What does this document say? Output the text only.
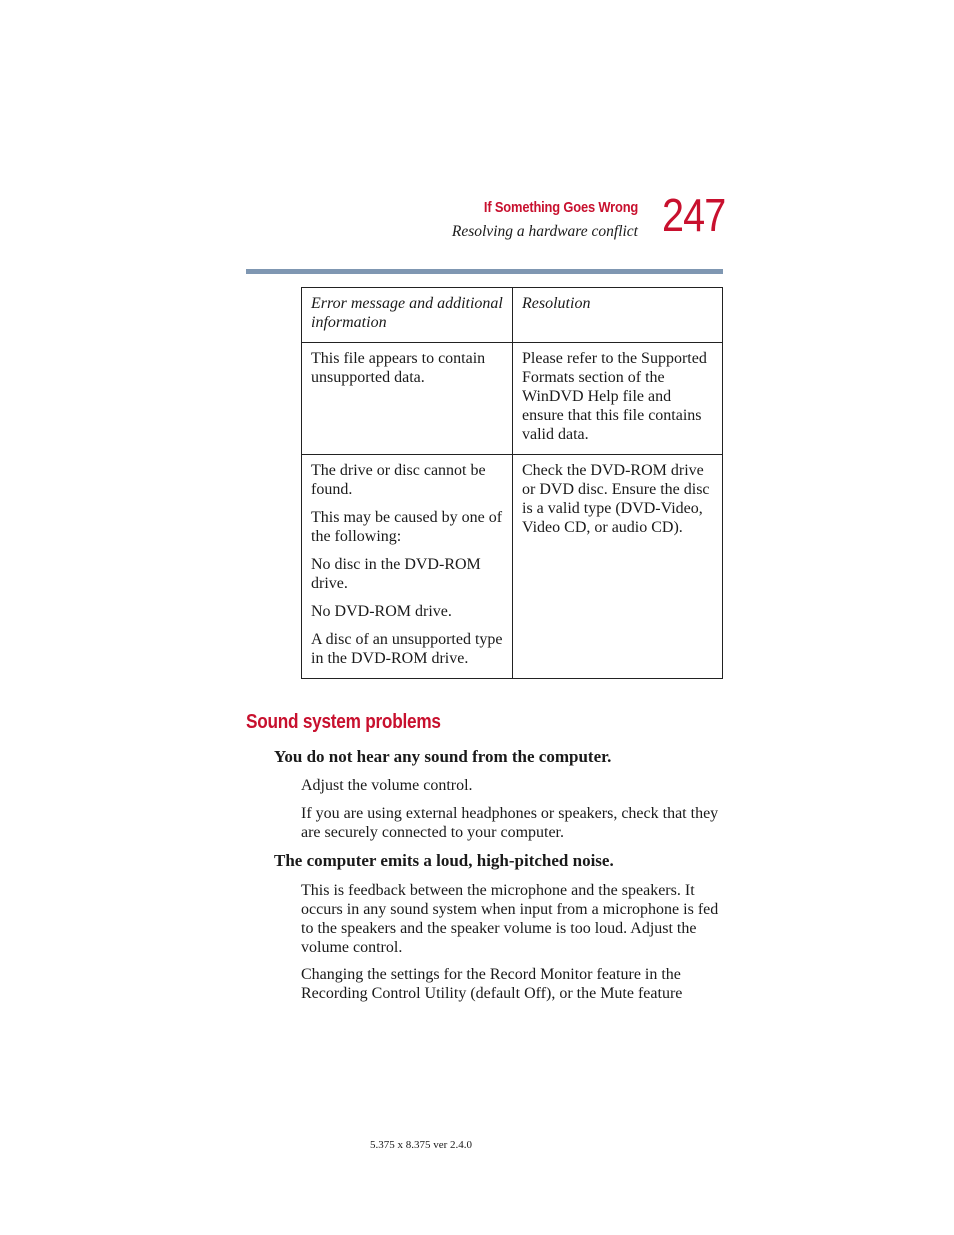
If Something Goes Wrong
Resolving a hardware conflict 247
Error message and additional information	Resolution

This file appears to contain unsupported data.	Please refer to the Supported Formats section of the WinDVD Help file and ensure that this file contains valid data.

The drive or disc cannot be found.

This may be caused by one of the following:

No disc in the DVD-ROM drive.

No DVD-ROM drive.

A disc of an unsupported type in the DVD-ROM drive.	Check the DVD-ROM drive or DVD disc. Ensure the disc is a valid type (DVD-Video, Video CD, or audio CD).

Sound system problems

You do not hear any sound from the computer.

Adjust the volume control.

If you are using external headphones or speakers, check that they are securely connected to your computer.

The computer emits a loud, high-pitched noise.

This is feedback between the microphone and the speakers. It occurs in any sound system when input from a microphone is fed to the speakers and the speaker volume is too loud. Adjust the volume control.

Changing the settings for the Record Monitor feature in the Recording Control Utility (default Off), or the Mute feature

5.375 x 8.375 ver 2.4.0
